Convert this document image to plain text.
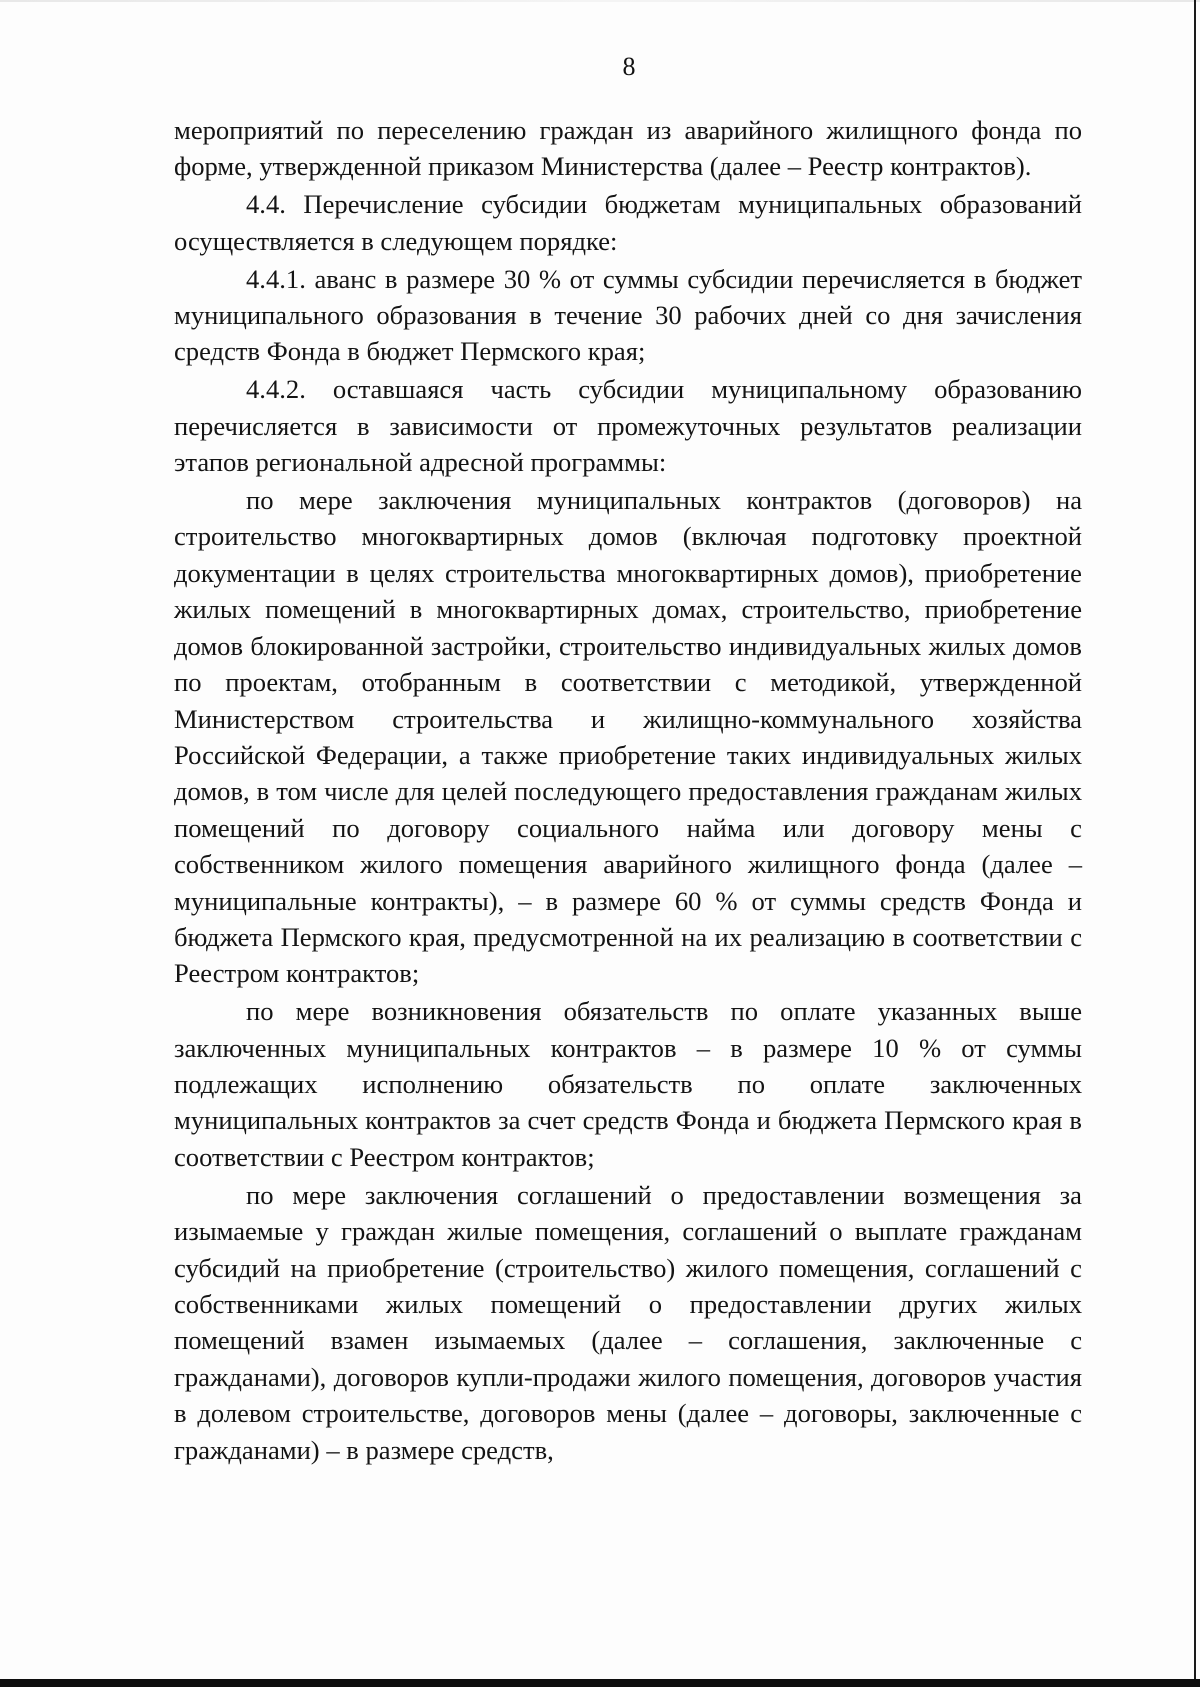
8

мероприятий по переселению граждан из аварийного жилищного фонда по форме, утвержденной приказом Министерства (далее – Реестр контрактов).

4.4. Перечисление субсидии бюджетам муниципальных образований осуществляется в следующем порядке:

4.4.1. аванс в размере 30 % от суммы субсидии перечисляется в бюджет муниципального образования в течение 30 рабочих дней со дня зачисления средств Фонда в бюджет Пермского края;

4.4.2. оставшаяся часть субсидии муниципальному образованию перечисляется в зависимости от промежуточных результатов реализации этапов региональной адресной программы:

по мере заключения муниципальных контрактов (договоров) на строительство многоквартирных домов (включая подготовку проектной документации в целях строительства многоквартирных домов), приобретение жилых помещений в многоквартирных домах, строительство, приобретение домов блокированной застройки, строительство индивидуальных жилых домов по проектам, отобранным в соответствии с методикой, утвержденной Министерством строительства и жилищно-коммунального хозяйства Российской Федерации, а также приобретение таких индивидуальных жилых домов, в том числе для целей последующего предоставления гражданам жилых помещений по договору социального найма или договору мены с собственником жилого помещения аварийного жилищного фонда (далее – муниципальные контракты), – в размере 60 % от суммы средств Фонда и бюджета Пермского края, предусмотренной на их реализацию в соответствии с Реестром контрактов;

по мере возникновения обязательств по оплате указанных выше заключенных муниципальных контрактов – в размере 10 % от суммы подлежащих исполнению обязательств по оплате заключенных муниципальных контрактов за счет средств Фонда и бюджета Пермского края в соответствии с Реестром контрактов;

по мере заключения соглашений о предоставлении возмещения за изымаемые у граждан жилые помещения, соглашений о выплате гражданам субсидий на приобретение (строительство) жилого помещения, соглашений с собственниками жилых помещений о предоставлении других жилых помещений взамен изымаемых (далее – соглашения, заключенные с гражданами), договоров купли-продажи жилого помещения, договоров участия в долевом строительстве, договоров мены (далее – договоры, заключенные с гражданами) – в размере средств,
